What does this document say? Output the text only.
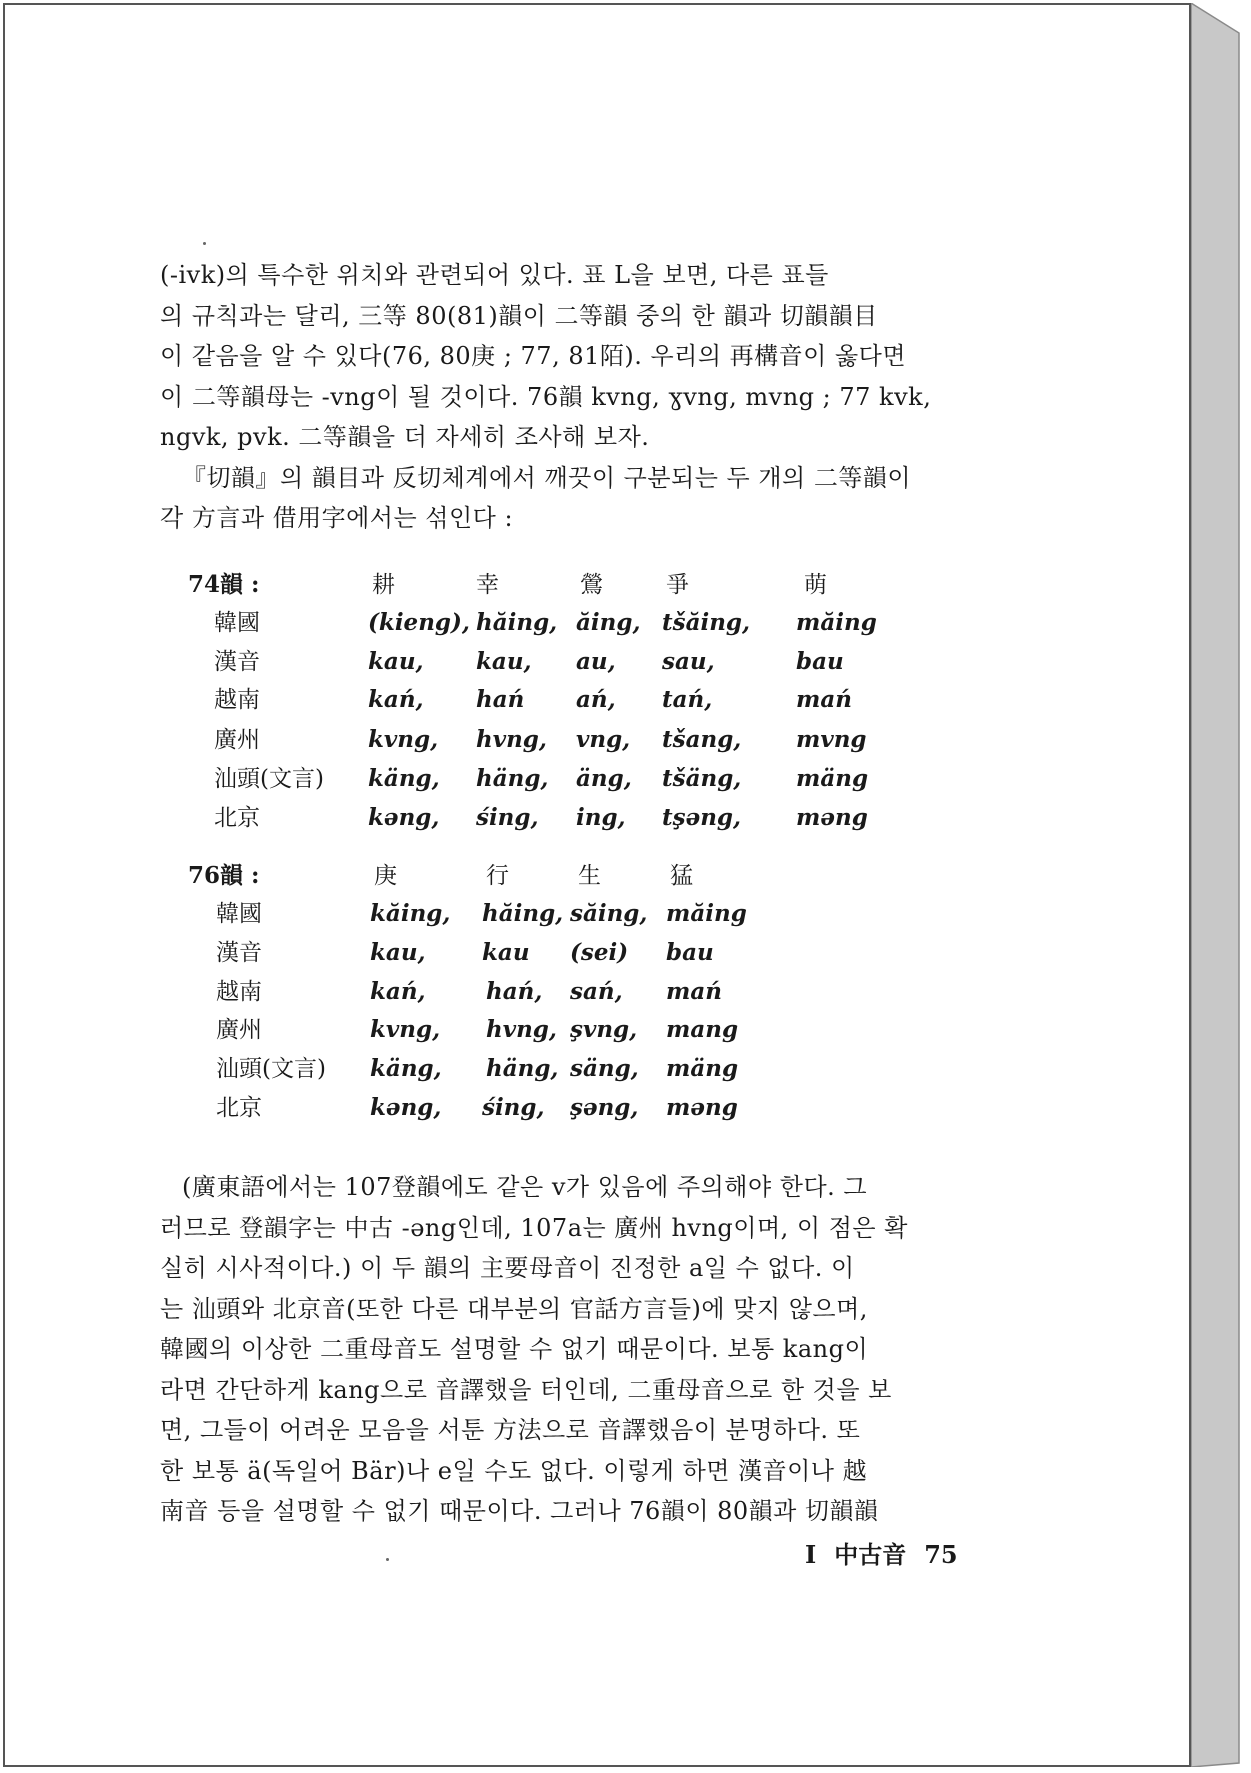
(-ivk)의 특수한 위치와 관련되어 있다. 표 L을 보면, 다른 표들
의 규칙과는 달리, 三等 80(81)韻이 二等韻 중의 한 韻과 切韻韻目
이 같음을 알 수 있다(76, 80庚 ; 77, 81陌). 우리의 再構音이 옳다면
이 二等韻母는 -vng이 될 것이다. 76韻 kvng, ɣvng, mvng ; 77 kvk,
ngvk, pvk. 二等韻을 더 자세히 조사해 보자.
『切韻』의 韻目과 反切체계에서 깨끗이 구분되는 두 개의 二等韻이
각 方言과 借用字에서는 섞인다 :
74韻 :	耕	幸	鶯	爭	萌
韓國	(kieng), hăing, ăing, tšăing, măing
漢音	kau, kau, au, sau,	bau
越南	kań, hań ań, tań,	mań
廣州	kvng, hvng, vng, tšang, mvng
汕頭(文言) käng, häng, äng, tšäng, mäng
北京	kəng, śing, ing, tşəng, məng
76韻 :	庚	行	生	猛
韓國	kăing, hăing, săing, măing
漢音	kau, kau (sei) bau
越南	kań,	hań, sań, mań
廣州	kvng, hvng, şvng, mang
汕頭(文言) käng, häng, säng, mäng
北京	kəng, śing, şəng, məng
(廣東語에서는 107登韻에도 같은 v가 있음에 주의해야 한다. 그
러므로 登韻字는 中古 -əng인데, 107a는 廣州 hvng이며, 이 점은 확
실히 시사적이다.) 이 두 韻의 主要母音이 진정한 a일 수 없다. 이
는 汕頭와 北京音(또한 다른 대부분의 官話方言들)에 맞지 않으며,
韓國의 이상한 二重母音도 설명할 수 없기 때문이다. 보통 kang이
라면 간단하게 kang으로 音譯했을 터인데, 二重母音으로 한 것을 보
면, 그들이 어려운 모음을 서툰 方法으로 音譯했음이 분명하다. 또
한 보통 ä(독일어 Bär)나 e일 수도 없다. 이렇게 하면 漢音이나 越
南音 등을 설명할 수 없기 때문이다. 그러나 76韻이 80韻과 切韻韻
I 中古音 75
